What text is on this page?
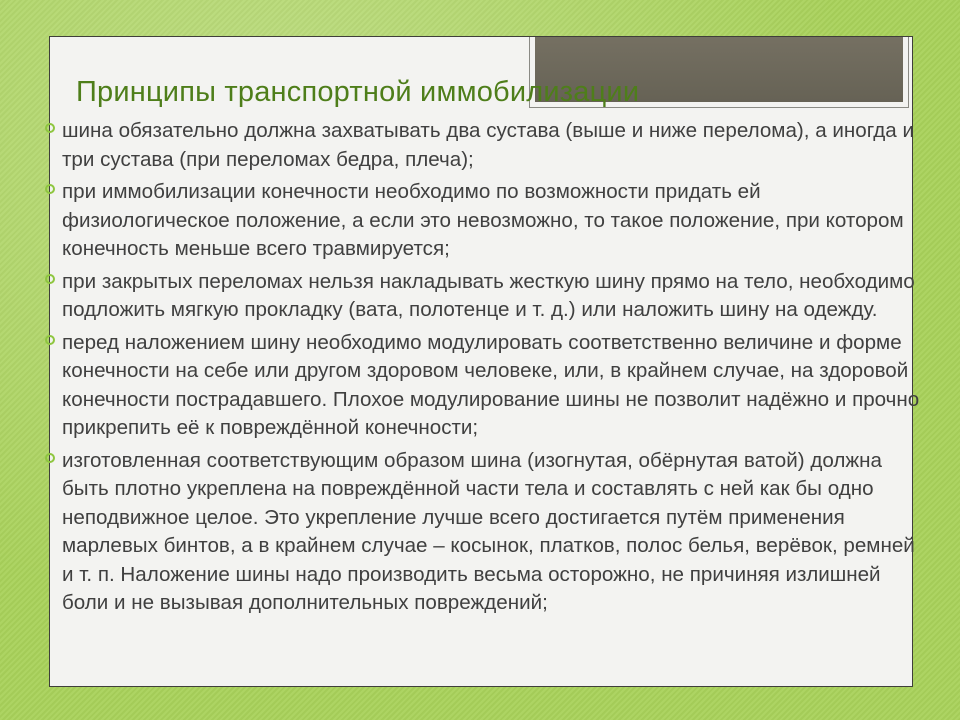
Принципы транспортной иммобилизации
шина обязательно должна захватывать два сустава (выше и ниже перелома), а иногда и три сустава (при переломах бедра, плеча);
при иммобилизации конечности необходимо по возможности придать ей физиологическое положение, а если это невозможно, то такое положение, при котором конечность меньше всего травмируется;
при закрытых переломах нельзя накладывать жесткую шину прямо на тело, необходимо подложить мягкую прокладку (вата, полотенце и т. д.) или наложить шину на одежду.
перед наложением шину необходимо модулировать соответственно величине и форме конечности на себе или другом здоровом человеке, или, в крайнем случае, на здоровой конечности пострадавшего. Плохое модулирование шины не позволит надёжно и прочно прикрепить её к повреждённой конечности;
изготовленная соответствующим образом шина (изогнутая, обёрнутая ватой) должна быть плотно укреплена на повреждённой части тела и составлять с ней как бы одно неподвижное целое. Это укрепление лучше всего достигается путём применения марлевых бинтов, а в крайнем случае – косынок, платков, полос белья, верёвок, ремней и т. п. Наложение шины надо производить весьма осторожно, не причиняя излишней боли и не вызывая дополнительных повреждений;
